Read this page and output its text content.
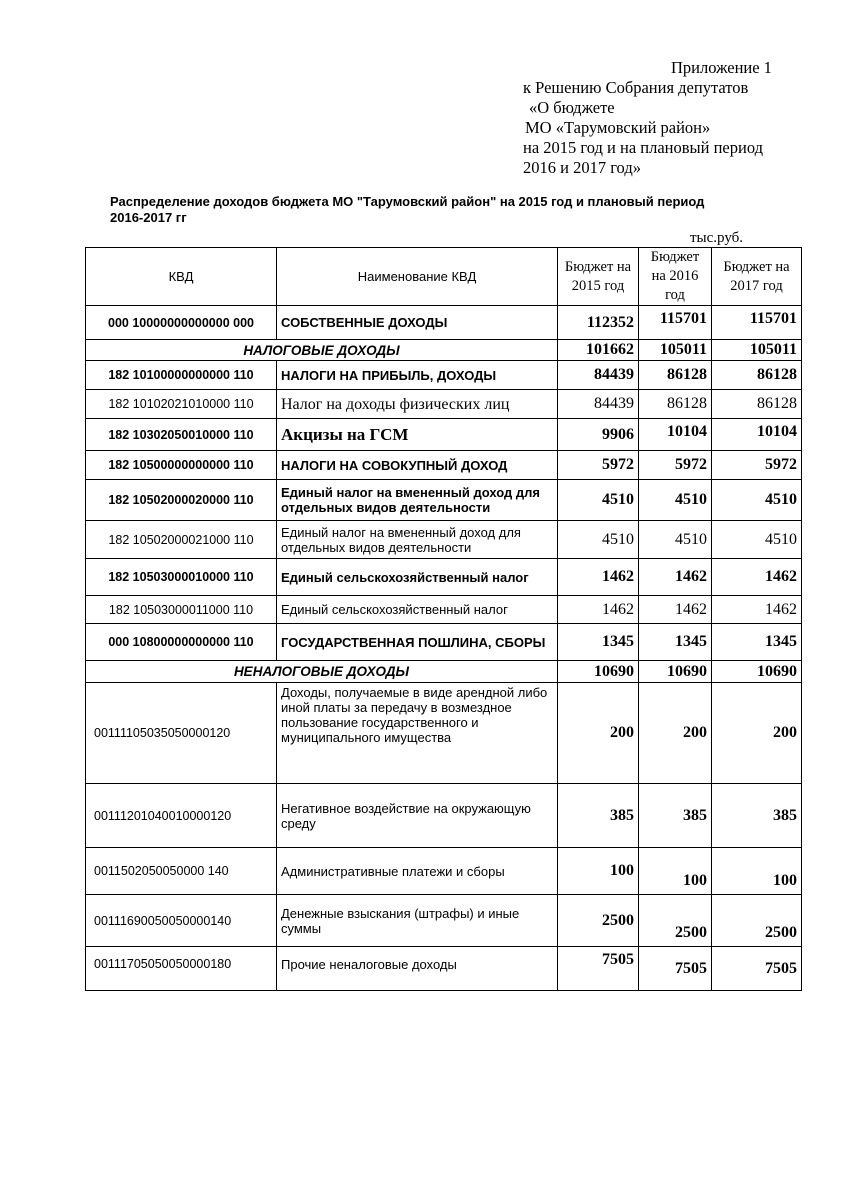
Приложение 1
к Решению Собрания депутатов
«О бюджете
МО «Тарумовский район»
на 2015 год и на плановый период
2016 и 2017 год»
Распределение доходов бюджета МО "Тарумовский район" на 2015 год и плановый период 2016-2017 гг
тыс.руб.
КВД	Наименование КВД	Бюджет на 2015 год	Бюджет на 2016 год	Бюджет на 2017 год
000 10000000000000 000	СОБСТВЕННЫЕ ДОХОДЫ	112352	115701	115701
НАЛОГОВЫЕ ДОХОДЫ		101662	105011	105011
182 10100000000000 110	НАЛОГИ НА ПРИБЫЛЬ, ДОХОДЫ	84439	86128	86128
182 10102021010000 110	Налог на доходы физических лиц	84439	86128	86128
182 10302050010000 110	Акцизы на ГСМ	9906	10104	10104
182 10500000000000 110	НАЛОГИ НА СОВОКУПНЫЙ ДОХОД	5972	5972	5972
182 10502000020000 110	Единый налог на вмененный доход для отдельных видов деятельности	4510	4510	4510
182 10502000021000 110	Единый налог на вмененный доход для отдельных видов деятельности	4510	4510	4510
182 10503000010000 110	Единый сельскохозяйственный налог	1462	1462	1462
182 10503000011000 110	Единый сельскохозяйственный налог	1462	1462	1462
000 10800000000000 110	ГОСУДАРСТВЕННАЯ ПОШЛИНА, СБОРЫ	1345	1345	1345
НЕНАЛОГОВЫЕ ДОХОДЫ		10690	10690	10690
00111105035050000120	Доходы, получаемые в виде арендной либо иной платы за передачу в возмездное пользование государственного и муниципального имущества	200	200	200
00111201040010000120	Негативное воздействие на окружающую среду	385	385	385
0011502050050000 140	Административные платежи и сборы	100	100	100
00111690050050000140	Денежные взыскания (штрафы) и иные суммы	2500	2500	2500
00111705050050000180	Прочие неналоговые доходы	7505	7505	7505
